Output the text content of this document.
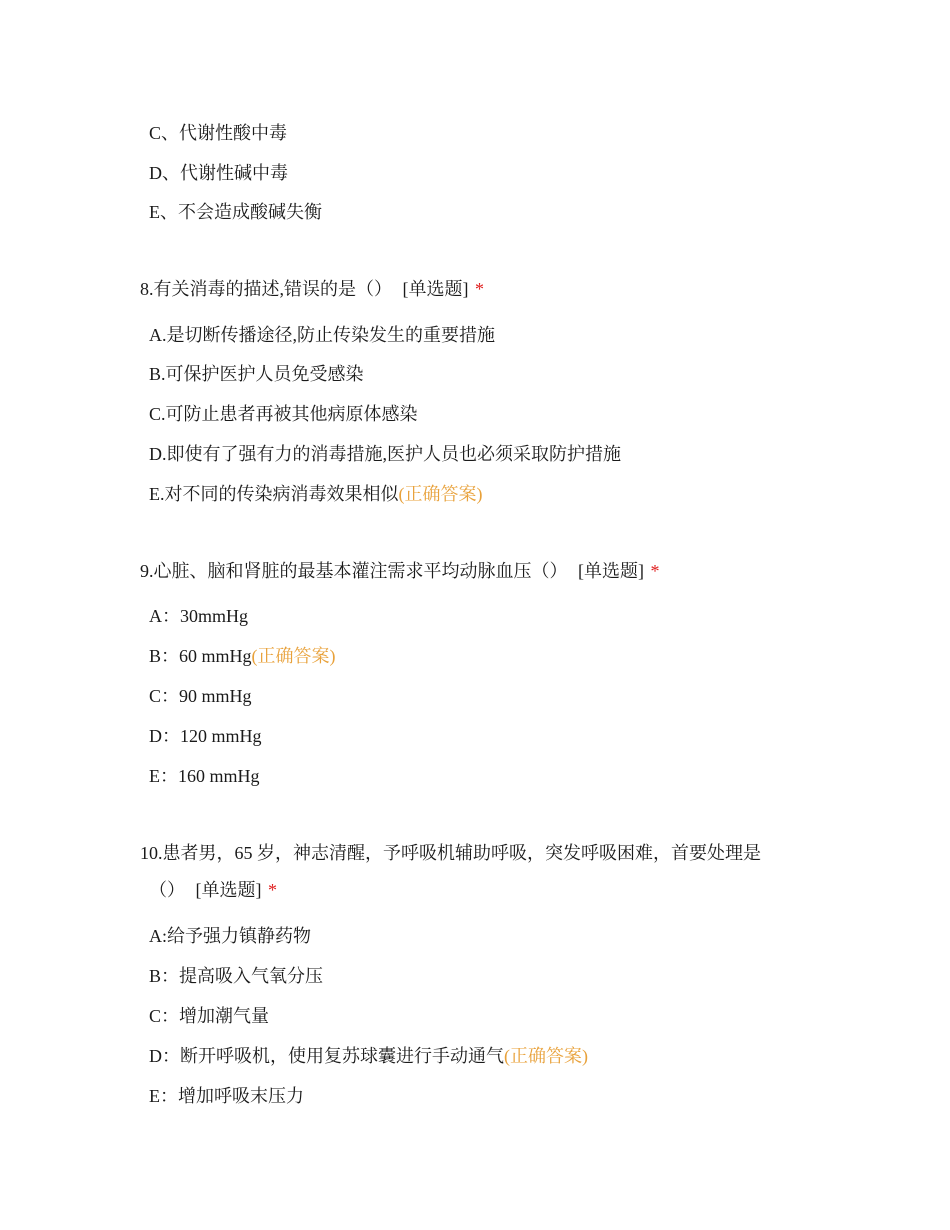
C、代谢性酸中毒
D、代谢性碱中毒
E、不会造成酸碱失衡
8.有关消毒的描述,错误的是（） [单选题] *
A.是切断传播途径,防止传染发生的重要措施
B.可保护医护人员免受感染
C.可防止患者再被其他病原体感染
D.即使有了强有力的消毒措施,医护人员也必须采取防护措施
E.对不同的传染病消毒效果相似(正确答案)
9.心脏、脑和肾脏的最基本灌注需求平均动脉血压（） [单选题] *
A：30mmHg
B：60 mmHg(正确答案)
C：90 mmHg
D：120 mmHg
E：160 mmHg
10.患者男，65 岁，神志清醒，予呼吸机辅助呼吸，突发呼吸困难，首要处理是
（） [单选题] *
A:给予强力镇静药物
B：提高吸入气氧分压
C：增加潮气量
D：断开呼吸机，使用复苏球囊进行手动通气(正确答案)
E：增加呼吸末压力
